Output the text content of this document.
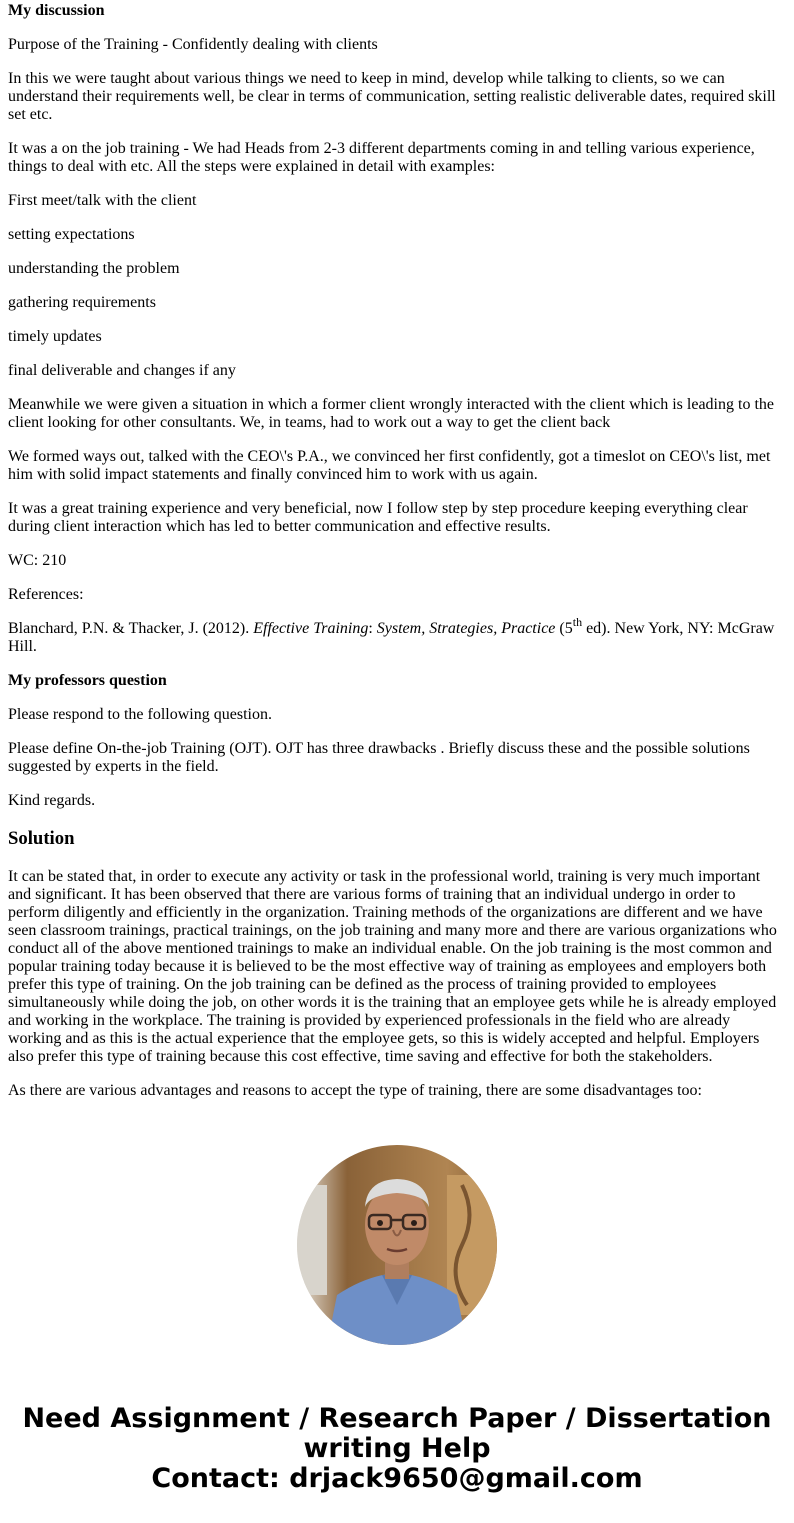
My discussion

Purpose of the Training - Confidently dealing with clients

In this we were taught about various things we need to keep in mind, develop while talking to clients, so we can understand their requirements well, be clear in terms of communication, setting realistic deliverable dates, required skill set etc.

It was a on the job training - We had Heads from 2-3 different departments coming in and telling various experience, things to deal with etc. All the steps were explained in detail with examples:

First meet/talk with the client

setting expectations

understanding the problem

gathering requirements

timely updates

final deliverable and changes if any

Meanwhile we were given a situation in which a former client wrongly interacted with the client which is leading to the client looking for other consultants. We, in teams, had to work out a way to get the client back

We formed ways out, talked with the CEO\'s P.A., we convinced her first confidently, got a timeslot on CEO\'s list, met him with solid impact statements and finally convinced him to work with us again.

It was a great training experience and very beneficial, now I follow step by step procedure keeping everything clear during client interaction which has led to better communication and effective results.

WC: 210

References:

Blanchard, P.N. & Thacker, J. (2012). Effective Training: System, Strategies, Practice (5th ed). New York, NY: McGraw Hill.

My professors question

Please respond to the following question.

Please define On-the-job Training (OJT). OJT has three drawbacks . Briefly discuss these and the possible solutions suggested by experts in the field.

Kind regards.

Solution

It can be stated that, in order to execute any activity or task in the professional world, training is very much important and significant. It has been observed that there are various forms of training that an individual undergo in order to perform diligently and efficiently in the organization. Training methods of the organizations are different and we have seen classroom trainings, practical trainings, on the job training and many more and there are various organizations who conduct all of the above mentioned trainings to make an individual enable. On the job training is the most common and popular training today because it is believed to be the most effective way of training as employees and employers both prefer this type of training. On the job training can be defined as the process of training provided to employees simultaneously while doing the job, on other words it is the training that an employee gets while he is already employed and working in the workplace. The training is provided by experienced professionals in the field who are already working and as this is the actual experience that the employee gets, so this is widely accepted and helpful. Employers also prefer this type of training because this cost effective, time saving and effective for both the stakeholders.

As there are various advantages and reasons to accept the type of training, there are some disadvantages too:

Need Assignment / Research Paper / Dissertation
writing Help
Contact: drjack9650@gmail.com
